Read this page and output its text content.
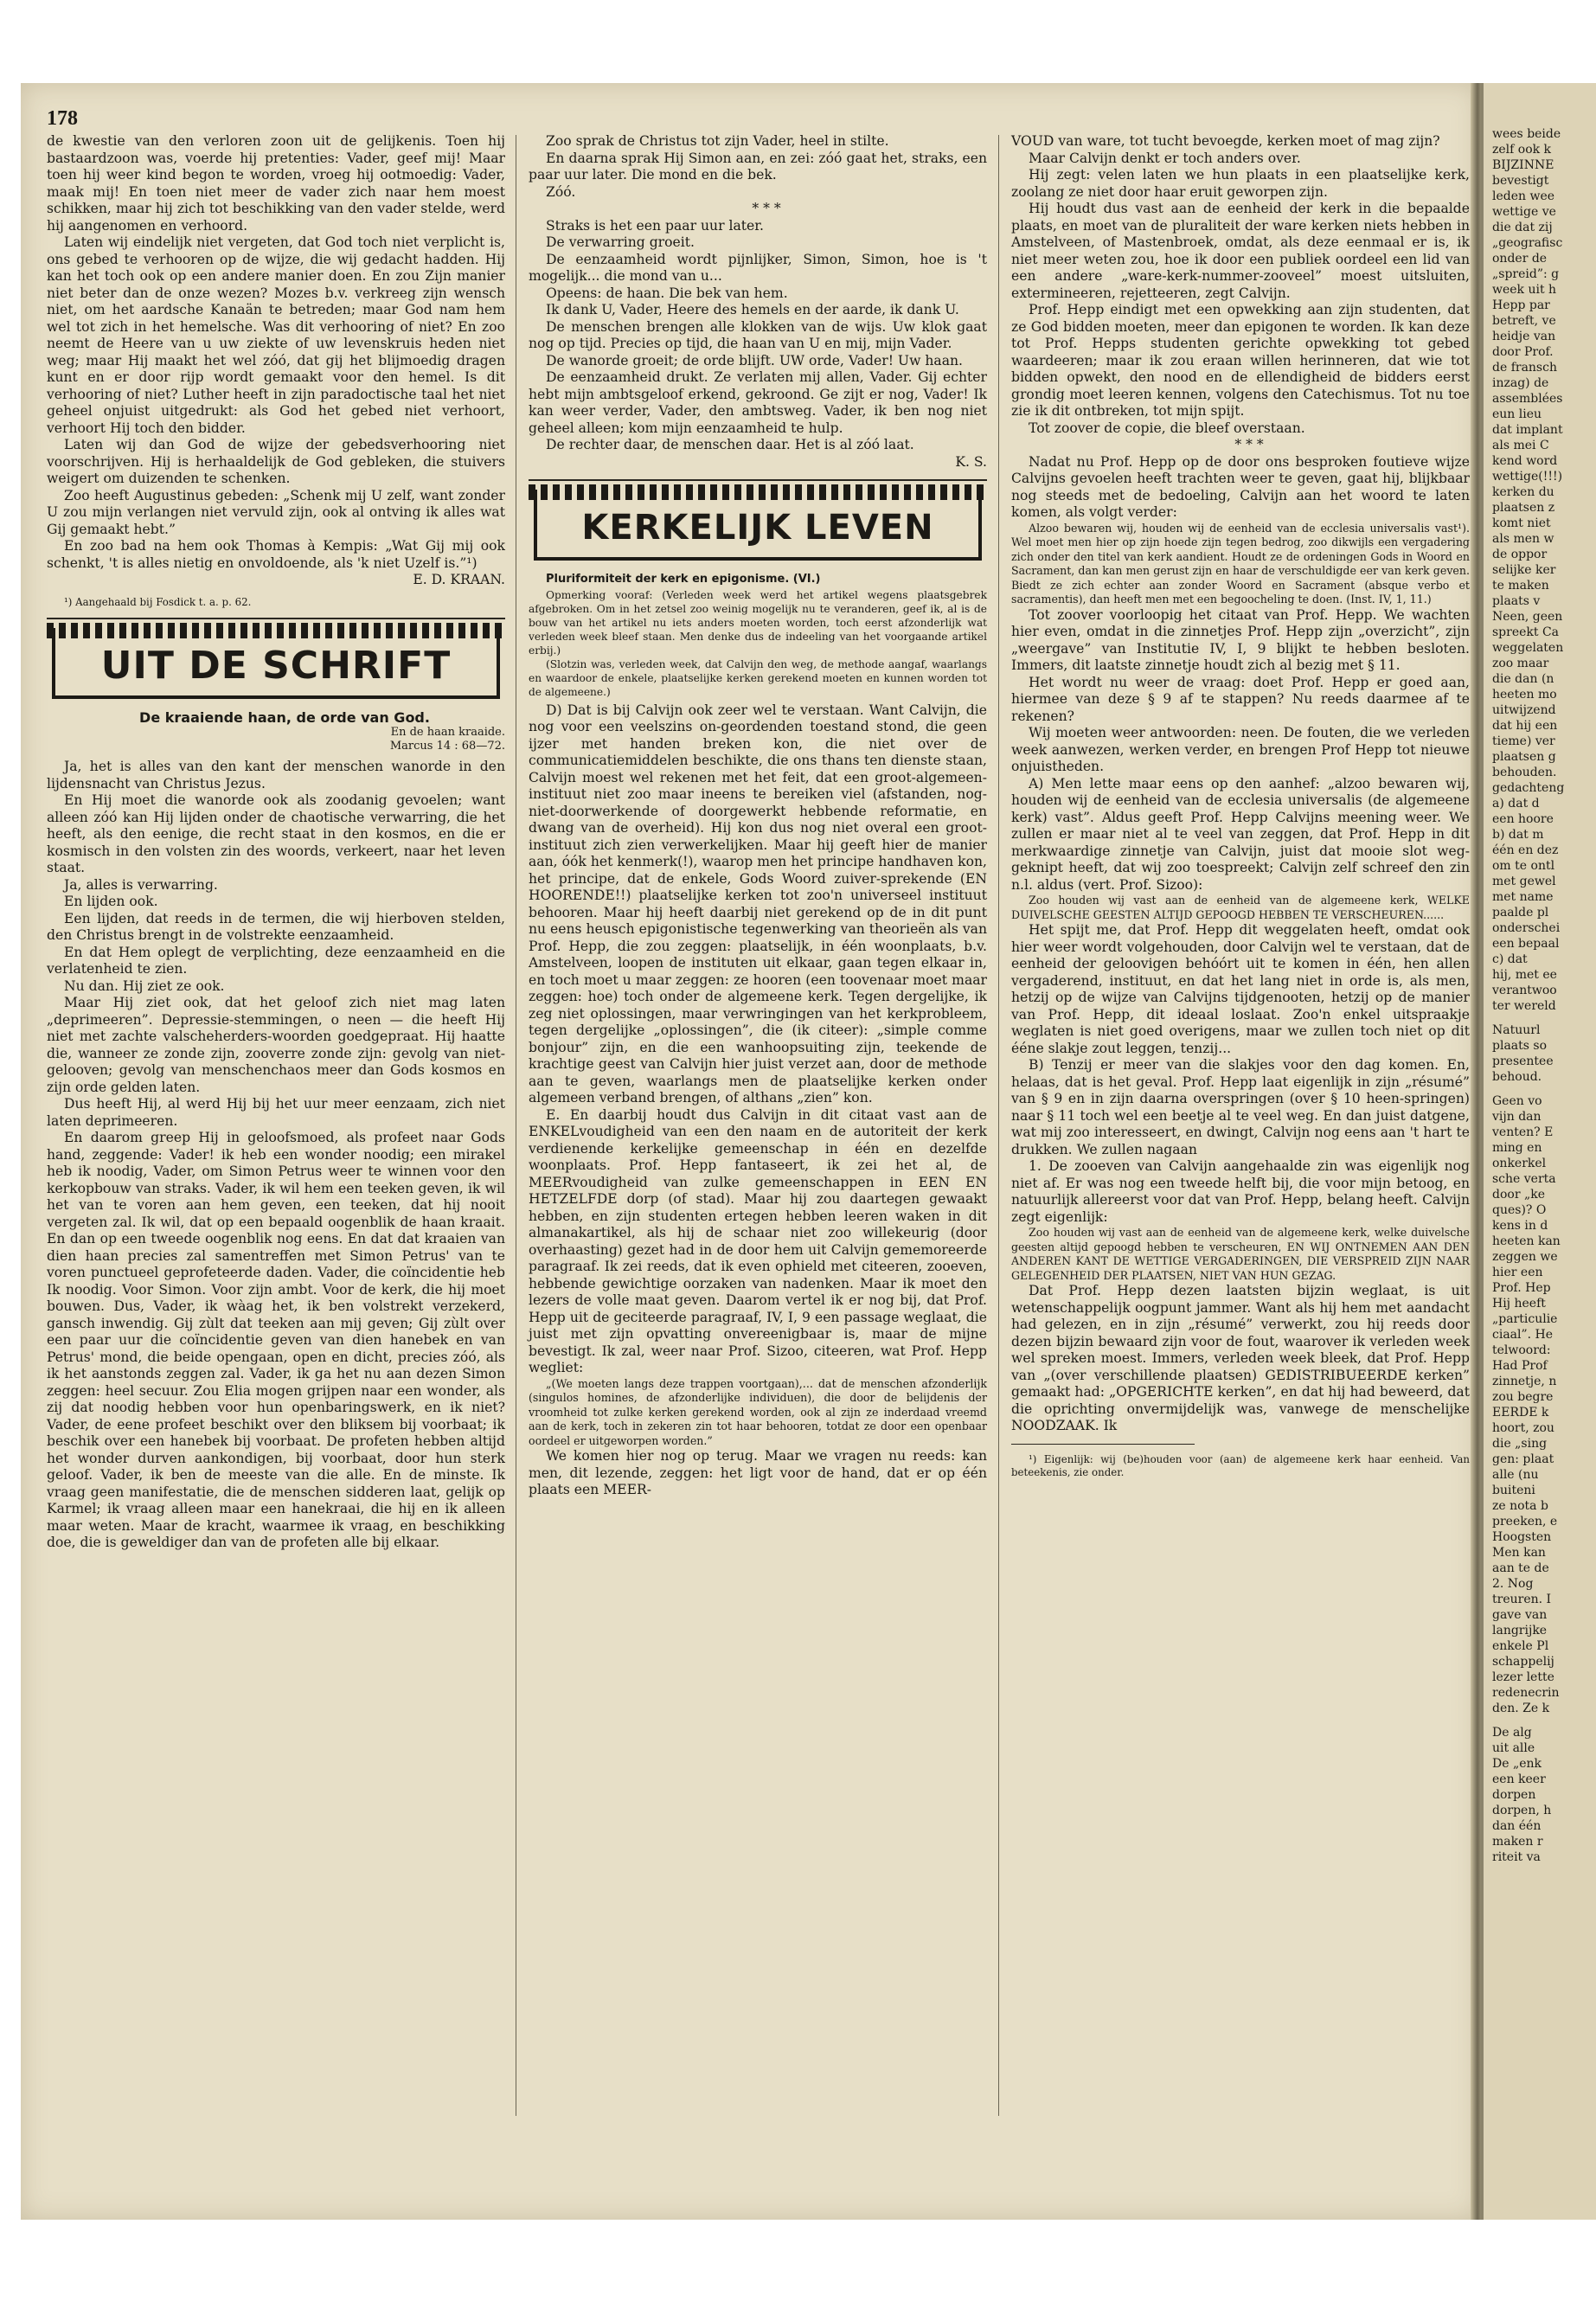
178

de kwestie van den verloren zoon uit de gelijkenis. Toen hij bastaardzoon was, voerde hij pretenties: Vader, geef mij! Maar toen hij weer kind begon te worden, vroeg hij ootmoedig: Vader, maak mij! En toen niet meer de vader zich naar hem moest schikken, maar hij zich tot beschikking van den vader stelde, werd hij aangenomen en verhoord.

Laten wij eindelijk niet vergeten, dat God toch niet verplicht is, ons gebed te verhooren op de wijze, die wij gedacht hadden. Hij kan het toch ook op een andere manier doen. En zou Zijn manier niet beter dan de onze wezen? Mozes b.v. verkreeg zijn wensch niet, om het aardsche Kanaän te betreden; maar God nam hem wel tot zich in het hemelsche. Was dit verhooring of niet? En zoo neemt de Heere van u uw ziekte of uw levenskruis heden niet weg; maar Hij maakt het wel zóó, dat gij het blijmoedig dragen kunt en er door rijp wordt gemaakt voor den hemel. Is dit verhooring of niet? Luther heeft in zijn paradoctische taal het niet geheel onjuist uitgedrukt: als God het gebed niet verhoort, verhoort Hij toch den bidder.

Laten wij dan God de wijze der gebedsverhooring niet voorschrijven. Hij is herhaaldelijk de God gebleken, die stuivers weigert om duizenden te schenken.

Zoo heeft Augustinus gebeden: „Schenk mij U zelf, want zonder U zou mijn verlangen niet vervuld zijn, ook al ontving ik alles wat Gij gemaakt hebt.”

En zoo bad na hem ook Thomas à Kempis: „Wat Gij mij ook schenkt, 't is alles nietig en onvoldoende, als 'k niet Uzelf is.”¹)

E. D. KRAAN.

¹) Aangehaald bij Fosdick t. a. p. 62.

UIT DE SCHRIFT

De kraaiende haan, de orde van God.

En de haan kraaide.

Marcus 14 : 68—72.

Ja, het is alles van den kant der menschen wanorde in den lijdensnacht van Christus Jezus.

En Hij moet die wanorde ook als zoodanig gevoelen; want alleen zóó kan Hij lijden onder de chaotische verwarring, die het heeft, als den eenige, die recht staat in den kosmos, en die er kosmisch in den volsten zin des woords, verkeert, naar het leven staat.

Ja, alles is verwarring.

En lijden ook.

Een lijden, dat reeds in de termen, die wij hierboven stelden, den Christus brengt in de volstrekte eenzaamheid.

En dat Hem oplegt de verplichting, deze eenzaamheid en die verlatenheid te zien.

Nu dan. Hij ziet ze ook.

Maar Hij ziet ook, dat het geloof zich niet mag laten „deprimeeren”. Depressie-stemmingen, o neen — die heeft Hij niet met zachte valscheherders-woorden goedgepraat. Hij haatte die, wanneer ze zonde zijn, zooverre zonde zijn: gevolg van niet-gelooven; gevolg van menschenchaos meer dan Gods kosmos en zijn orde gelden laten.

Dus heeft Hij, al werd Hij bij het uur meer eenzaam, zich niet laten deprimeeren.

En daarom greep Hij in geloofsmoed, als profeet naar Gods hand, zeggende: Vader! ik heb een wonder noodig; een mirakel heb ik noodig, Vader, om Simon Petrus weer te winnen voor den kerkopbouw van straks. Vader, ik wil hem een teeken geven, ik wil het van te voren aan hem geven, een teeken, dat hij nooit vergeten zal. Ik wil, dat op een bepaald oogenblik de haan kraait. En dan op een tweede oogenblik nog eens. En dat dat kraaien van dien haan precies zal samentreffen met Simon Petrus' van te voren punctueel geprofeteerde daden. Vader, die coïncidentie heb Ik noodig. Voor Simon. Voor zijn ambt. Voor de kerk, die hij moet bouwen. Dus, Vader, ik wàag het, ik ben volstrekt verzekerd, gansch inwendig. Gij zùlt dat teeken aan mij geven; Gij zùlt over een paar uur die coïncidentie geven van dien hanebek en van Petrus' mond, die beide opengaan, open en dicht, precies zóó, als ik het aanstonds zeggen zal. Vader, ik ga het nu aan dezen Simon zeggen: heel secuur. Zou Elia mogen grijpen naar een wonder, als zij dat noodig hebben voor hun openbaringswerk, en ik niet? Vader, de eene profeet beschikt over den bliksem bij voorbaat; ik beschik over een hanebek bij voorbaat. De profeten hebben altijd het wonder durven aankondigen, bij voorbaat, door hun sterk geloof. Vader, ik ben de meeste van die alle. En de minste. Ik vraag geen manifestatie, die de menschen sidderen laat, gelijk op Karmel; ik vraag alleen maar een hanekraai, die hij en ik alleen maar weten. Maar de kracht, waarmee ik vraag, en beschikking doe, die is geweldiger dan van de profeten alle bij elkaar.

Zoo sprak de Christus tot zijn Vader, heel in stilte.

En daarna sprak Hij Simon aan, en zei: zóó gaat het, straks, een paar uur later. Die mond en die bek.

Zóó.

* * *

Straks is het een paar uur later.

De verwarring groeit.

De eenzaamheid wordt pijnlijker, Simon, Simon, hoe is 't mogelijk... die mond van u...

Opeens: de haan. Die bek van hem.

Ik dank U, Vader, Heere des hemels en der aarde, ik dank U.

De menschen brengen alle klokken van de wijs. Uw klok gaat nog op tijd. Precies op tijd, die haan van U en mij, mijn Vader.

De wanorde groeit; de orde blijft. UW orde, Vader! Uw haan.

De eenzaamheid drukt. Ze verlaten mij allen, Vader. Gij echter hebt mijn ambtsgeloof erkend, gekroond. Ge zijt er nog, Vader! Ik kan weer verder, Vader, den ambtsweg. Vader, ik ben nog niet geheel alleen; kom mijn eenzaamheid te hulp.

De rechter daar, de menschen daar. Het is al zóó laat.

K. S.

KERKELIJK LEVEN

Pluriformiteit der kerk en epigonisme. (VI.)

Opmerking vooraf: (Verleden week werd het artikel wegens plaatsgebrek afgebroken. Om in het zetsel zoo weinig mogelijk nu te veranderen, geef ik, al is de bouw van het artikel nu iets anders moeten worden, toch eerst afzonderlijk wat verleden week bleef staan. Men denke dus de indeeling van het voorgaande artikel erbij.)

(Slotzin was, verleden week, dat Calvijn den weg, de methode aangaf, waarlangs en waardoor de enkele, plaatselijke kerken gerekend moeten en kunnen worden tot de algemeene.)

D) Dat is bij Calvijn ook zeer wel te verstaan. Want Calvijn, die nog voor een veelszins on-geordenden toestand stond, die geen ijzer met handen breken kon, die niet over de communicatiemiddelen beschikte, die ons thans ten dienste staan, Calvijn moest wel rekenen met het feit, dat een groot-algemeen-instituut niet zoo maar ineens te bereiken viel (afstanden, nog-niet-doorwerkende of doorgewerkt hebbende reformatie, en dwang van de overheid). Hij kon dus nog niet overal een groot-instituut zich zien verwerkelijken. Maar hij geeft hier de manier aan, óók het kenmerk(!), waarop men het principe handhaven kon, het principe, dat de enkele, Gods Woord zuiver-sprekende (EN HOORENDE!!) plaatselijke kerken tot zoo'n universeel instituut behooren. Maar hij heeft daarbij niet gerekend op de in dit punt nu eens heusch epigonistische tegenwerking van theorieën als van Prof. Hepp, die zou zeggen: plaatselijk, in één woonplaats, b.v. Amstelveen, loopen de instituten uit elkaar, gaan tegen elkaar in, en toch moet u maar zeggen: ze hooren (een toovenaar moet maar zeggen: hoe) toch onder de algemeene kerk. Tegen dergelijke, ik zeg niet oplossingen, maar verwringingen van het kerkprobleem, tegen dergelijke „oplossingen”, die (ik citeer): „simple comme bonjour” zijn, en die een wanhoopsuiting zijn, teekende de krachtige geest van Calvijn hier juist verzet aan, door de methode aan te geven, waarlangs men de plaatselijke kerken onder algemeen verband brengen, of althans „zien” kon.

E. En daarbij houdt dus Calvijn in dit citaat vast aan de ENKELvoudigheid van een den naam en de autoriteit der kerk verdienende kerkelijke gemeenschap in één en dezelfde woonplaats. Prof. Hepp fantaseert, ik zei het al, de MEERvoudigheid van zulke gemeenschappen in EEN EN HETZELFDE dorp (of stad). Maar hij zou daartegen gewaakt hebben, en zijn studenten ertegen hebben leeren waken in dit almanakartikel, als hij de schaar niet zoo willekeurig (door overhaasting) gezet had in de door hem uit Calvijn gememoreerde paragraaf. Ik zei reeds, dat ik even ophield met citeeren, zooeven, hebbende gewichtige oorzaken van nadenken. Maar ik moet den lezers de volle maat geven. Daarom vertel ik er nog bij, dat Prof. Hepp uit de geciteerde paragraaf, IV, I, 9 een passage weglaat, die juist met zijn opvatting onvereenigbaar is, maar de mijne bevestigt. Ik zal, weer naar Prof. Sizoo, citeeren, wat Prof. Hepp wegliet:

„(We moeten langs deze trappen voortgaan),... dat de menschen afzonderlijk (singulos homines, de afzonderlijke individuen), die door de belijdenis der vroomheid tot zulke kerken gerekend worden, ook al zijn ze inderdaad vreemd aan de kerk, toch in zekeren zin tot haar behooren, totdat ze door een openbaar oordeel er uitgeworpen worden.”

We komen hier nog op terug. Maar we vragen nu reeds: kan men, dit lezende, zeggen: het ligt voor de hand, dat er op één plaats een MEER-

VOUD van ware, tot tucht bevoegde, kerken moet of mag zijn?

Maar Calvijn denkt er toch anders over.

Hij zegt: velen laten we hun plaats in een plaatselijke kerk, zoolang ze niet door haar eruit geworpen zijn.

Hij houdt dus vast aan de eenheid der kerk in die bepaalde plaats, en moet van de pluraliteit der ware kerken niets hebben in Amstelveen, of Mastenbroek, omdat, als deze eenmaal er is, ik niet meer weten zou, hoe ik door een publiek oordeel een lid van een andere „ware-kerk-nummer-zooveel” moest uitsluiten, extermineeren, rejetteeren, zegt Calvijn.

Prof. Hepp eindigt met een opwekking aan zijn studenten, dat ze God bidden moeten, meer dan epigonen te worden. Ik kan deze tot Prof. Hepps studenten gerichte opwekking tot gebed waardeeren; maar ik zou eraan willen herinneren, dat wie tot bidden opwekt, den nood en de ellendigheid de bidders eerst grondig moet leeren kennen, volgens den Catechismus. Tot nu toe zie ik dit ontbreken, tot mijn spijt.

Tot zoover de copie, die bleef overstaan.

* * *

Nadat nu Prof. Hepp op de door ons besproken foutieve wijze Calvijns gevoelen heeft trachten weer te geven, gaat hij, blijkbaar nog steeds met de bedoeling, Calvijn aan het woord te laten komen, als volgt verder:

Alzoo bewaren wij, houden wij de eenheid van de ecclesia universalis vast¹). Wel moet men hier op zijn hoede zijn tegen bedrog, zoo dikwijls een vergadering zich onder den titel van kerk aandient. Houdt ze de ordeningen Gods in Woord en Sacrament, dan kan men gerust zijn en haar de verschuldigde eer van kerk geven. Biedt ze zich echter aan zonder Woord en Sacrament (absque verbo et sacramentis), dan heeft men met een begoocheling te doen. (Inst. IV, 1, 11.)

Tot zoover voorloopig het citaat van Prof. Hepp. We wachten hier even, omdat in die zinnetjes Prof. Hepp zijn „overzicht”, zijn „weergave” van Institutie IV, I, 9 blijkt te hebben besloten. Immers, dit laatste zinnetje houdt zich al bezig met § 11.

Het wordt nu weer de vraag: doet Prof. Hepp er goed aan, hiermee van deze § 9 af te stappen? Nu reeds daarmee af te rekenen?

Wij moeten weer antwoorden: neen. De fouten, die we verleden week aanwezen, werken verder, en brengen Prof Hepp tot nieuwe onjuistheden.

A) Men lette maar eens op den aanhef: „alzoo bewaren wij, houden wij de eenheid van de ecclesia universalis (de algemeene kerk) vast”. Aldus geeft Prof. Hepp Calvijns meening weer. We zullen er maar niet al te veel van zeggen, dat Prof. Hepp in dit merkwaardige zinnetje van Calvijn, juist dat mooie slot weg-geknipt heeft, dat wij zoo toespreekt; Calvijn zelf schreef den zin n.l. aldus (vert. Prof. Sizoo):

Zoo houden wij vast aan de eenheid van de algemeene kerk, WELKE DUIVELSCHE GEESTEN ALTIJD GEPOOGD HEBBEN TE VERSCHEUREN......

Het spijt me, dat Prof. Hepp dit weggelaten heeft, omdat ook hier weer wordt volgehouden, door Calvijn wel te verstaan, dat de eenheid der geloovigen behóórt uit te komen in één, hen allen vergaderend, instituut, en dat het lang niet in orde is, als men, hetzij op de wijze van Calvijns tijdgenooten, hetzij op de manier van Prof. Hepp, dit ideaal loslaat. Zoo'n enkel uitspraakje weglaten is niet goed overigens, maar we zullen toch niet op dit ééne slakje zout leggen, tenzij...

B) Tenzij er meer van die slakjes voor den dag komen. En, helaas, dat is het geval. Prof. Hepp laat eigenlijk in zijn „résumé” van § 9 en in zijn daarna overspringen (over § 10 heen-springen) naar § 11 toch wel een beetje al te veel weg. En dan juist datgene, wat mij zoo interesseert, en dwingt, Calvijn nog eens aan 't hart te drukken. We zullen nagaan

1. De zooeven van Calvijn aangehaalde zin was eigenlijk nog niet af. Er was nog een tweede helft bij, die voor mijn betoog, en natuurlijk allereerst voor dat van Prof. Hepp, belang heeft. Calvijn zegt eigenlijk:

Zoo houden wij vast aan de eenheid van de algemeene kerk, welke duivelsche geesten altijd gepoogd hebben te verscheuren, EN WIJ ONTNEMEN AAN DEN ANDEREN KANT DE WETTIGE VERGADERINGEN, DIE VERSPREID ZIJN NAAR GELEGENHEID DER PLAATSEN, NIET VAN HUN GEZAG.

Dat Prof. Hepp dezen laatsten bijzin weglaat, is uit wetenschappelijk oogpunt jammer. Want als hij hem met aandacht had gelezen, en in zijn „résumé” verwerkt, zou hij reeds door dezen bijzin bewaard zijn voor de fout, waarover ik verleden week wel spreken moest. Immers, verleden week bleek, dat Prof. Hepp van „(over verschillende plaatsen) GEDISTRIBUEERDE kerken” gemaakt had: „OPGERICHTE kerken”, en dat hij had beweerd, dat die oprichting onvermijdelijk was, vanwege de menschelijke NOODZAAK. Ik

¹) Eigenlijk: wij (be)houden voor (aan) de algemeene kerk haar eenheid. Van beteekenis, zie onder.

wees beide
zelf ook k
BIJZINNE
bevestigt
leden wee
wettige ve
die dat zij
„geografisc
onder de
„spreid”: g
week uit h
Hepp par
betreft, ve
heidje van
door Prof.
de fransch
inzag) de
assemblées
eun lieu
dat implant
als mei C
kend word
wettige(!!!)
kerken du
plaatsen z
komt niet
als men w
de oppor
selijke ker
te maken
plaats v
Neen, geen
spreekt Ca
weggelaten
zoo maar
die dan (n
heeten mo
uitwijzend
dat hij een
tieme) ver
plaatsen g
behouden.
gedachteng
a) dat d
een hoore
b) dat m
één en dez
om te ontl
met gewel
met name
paalde pl
onderschei
een bepaal
c) dat
hij, met ee
verantwoo
ter wereld
Natuurl
plaats so
presentee
behoud.
Geen vo
vijn dan
venten? E
ming en
onkerkel
sche verta
door „ke
ques)? O
kens in d
heeten kan
zeggen we
hier een
Prof. Hep
Hij heeft
„particulie
ciaal”. He
telwoord:
Had Prof
zinnetje, n
zou begre
EERDE k
hoort, zou
die „sing
gen: plaat
alle (nu
buiteni
ze nota b
preeken, e
Hoogsten
Men kan
aan te de
2. Nog
treuren. I
gave van
langrijke
enkele Pl
schappelij
lezer lette
redenecrin
den. Ze k
De alg
uit alle
De „enk
een keer
dorpen
dorpen, h
dan één
maken r
riteit va
